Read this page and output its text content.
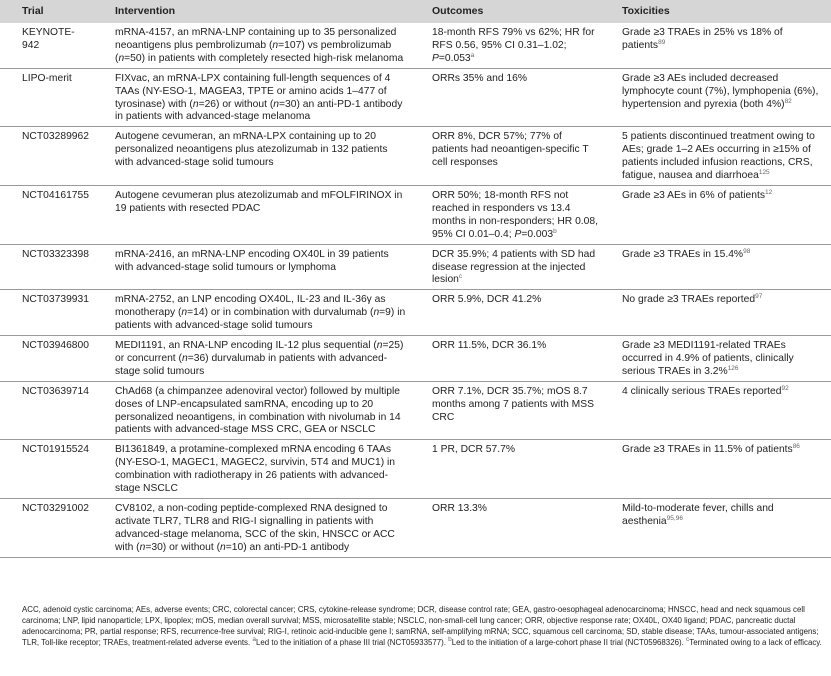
Trial	Intervention	Outcomes	Toxicities
KEYNOTE-942	mRNA-4157, an mRNA-LNP containing up to 35 personalized neoantigens plus pembrolizumab (n=107) vs pembrolizumab (n=50) in patients with completely resected high-risk melanoma	18-month RFS 79% vs 62%; HR for RFS 0.56, 95% CI 0.31–1.02; P=0.053$^a$	Grade ≥3 TRAEs in 25% vs 18% of patients$^{89}$
LIPO-merit	FIXvac, an mRNA-LPX containing full-length sequences of 4 TAAs (NY-ESO-1, MAGEA3, TPTE or amino acids 1–477 of tyrosinase) with (n=26) or without (n=30) an anti-PD-1 antibody in patients with advanced-stage melanoma	ORRs 35% and 16%	Grade ≥3 AEs included decreased lymphocyte count (7%), lymphopenia (6%), hypertension and pyrexia (both 4%)$^{82}$
NCT03289962	Autogene cevumeran, an mRNA-LPX containing up to 20 personalized neoantigens plus atezolizumab in 132 patients with advanced-stage solid tumours	ORR 8%, DCR 57%; 77% of patients had neoantigen-specific T cell responses	5 patients discontinued treatment owing to AEs; grade 1–2 AEs occurring in ≥15% of patients included infusion reactions, CRS, fatigue, nausea and diarrhoea$^{125}$
NCT04161755	Autogene cevumeran plus atezolizumab and mFOLFIRINOX in 19 patients with resected PDAC	ORR 50%; 18-month RFS not reached in responders vs 13.4 months in non-responders; HR 0.08, 95% CI 0.01–0.4; P=0.003$^b$	Grade ≥3 AEs in 6% of patients$^{12}$
NCT03323398	mRNA-2416, an mRNA-LNP encoding OX40L in 39 patients with advanced-stage solid tumours or lymphoma	DCR 35.9%; 4 patients with SD had disease regression at the injected lesion$^c$	Grade ≥3 TRAEs in 15.4%$^{98}$
NCT03739931	mRNA-2752, an LNP encoding OX40L, IL-23 and IL-36γ as monotherapy (n=14) or in combination with durvalumab (n=9) in patients with advanced-stage solid tumours	ORR 5.9%, DCR 41.2%	No grade ≥3 TRAEs reported$^{97}$
NCT03946800	MEDI1191, an RNA-LNP encoding IL-12 plus sequential (n=25) or concurrent (n=36) durvalumab in patients with advanced-stage solid tumours	ORR 11.5%, DCR 36.1%	Grade ≥3 MEDI1191-related TRAEs occurred in 4.9% of patients, clinically serious TRAEs in 3.2%$^{126}$
NCT03639714	ChAd68 (a chimpanzee adenoviral vector) followed by multiple doses of LNP-encapsulated samRNA, encoding up to 20 personalized neoantigens, in combination with nivolumab in 14 patients with advanced-stage MSS CRC, GEA or NSCLC	ORR 7.1%, DCR 35.7%; mOS 8.7 months among 7 patients with MSS CRC	4 clinically serious TRAEs reported$^{92}$
NCT01915524	BI1361849, a protamine-complexed mRNA encoding 6 TAAs (NY-ESO-1, MAGEC1, MAGEC2, survivin, 5T4 and MUC1) in combination with radiotherapy in 26 patients with advanced-stage NSCLC	1 PR, DCR 57.7%	Grade ≥3 TRAEs in 11.5% of patients$^{86}$
NCT03291002	CV8102, a non-coding peptide-complexed RNA designed to activate TLR7, TLR8 and RIG-I signalling in patients with advanced-stage melanoma, SCC of the skin, HNSCC or ACC with (n=30) or without (n=10) an anti-PD-1 antibody	ORR 13.3%	Mild-to-moderate fever, chills and aesthenia$^{95,96}$
ACC, adenoid cystic carcinoma; AEs, adverse events; CRC, colorectal cancer; CRS, cytokine-release syndrome; DCR, disease control rate; GEA, gastro-oesophageal adenocarcinoma; HNSCC, head and neck squamous cell carcinoma; LNP, lipid nanoparticle; LPX, lipoplex; mOS, median overall survival; MSS, microsatellite stable; NSCLC, non-small-cell lung cancer; ORR, objective response rate; OX40L, OX40 ligand; PDAC, pancreatic ductal adenocarcinoma; PR, partial response; RFS, recurrence-free survival; RIG-I, retinoic acid-inducible gene I; samRNA, self-amplifying mRNA; SCC, squamous cell carcinoma; SD, stable disease; TAAs, tumour-associated antigens; TLR, Toll-like receptor; TRAEs, treatment-related adverse events. $^a$Led to the initiation of a phase III trial (NCT05933577). $^b$Led to the initiation of a large-cohort phase II trial (NCT05968326). $^c$Terminated owing to a lack of efficacy.
